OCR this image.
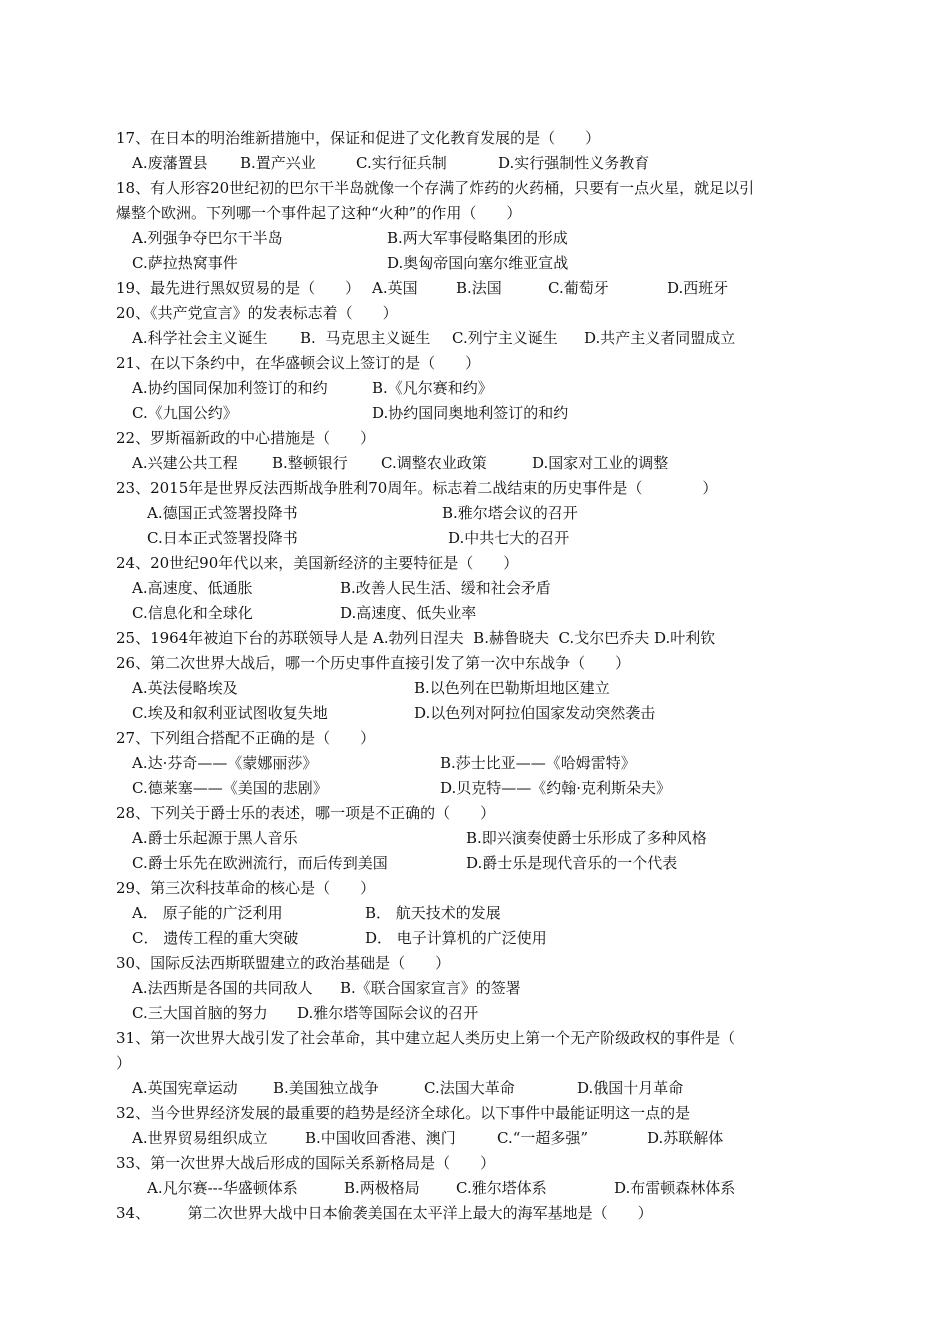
17、在日本的明治维新措施中，保证和促进了文化教育发展的是（　　）
A.废藩置县 B.置产兴业	C.实行征兵制	D.实行强制性义务教育
18、有人形容20世纪初的巴尔干半岛就像一个存满了炸药的火药桶，只要有一点火星，就足以引
爆整个欧洲。下列哪一个事件起了这种“火种”的作用（　　）
A.列强争夺巴尔干半岛	B.两大军事侵略集团的形成
C.萨拉热窝事件	D.奥匈帝国向塞尔维亚宣战
19、最先进行黑奴贸易的是（　　） A.英国	B.法国	C.葡萄牙	D.西班牙
20、《共产党宣言》的发表标志着（　　）
A.科学社会主义诞生 B.  马克思主义诞生 C.列宁主义诞生 D.共产主义者同盟成立
21、在以下条约中，在华盛顿会议上签订的是（　　）
A.协约国同保加利签订的和约	B.《凡尔赛和约》
C.《九国公约》	D.协约国同奥地利签订的和约
22、罗斯福新政的中心措施是（　　）
A.兴建公共工程 B.整顿银行 C.调整农业政策	D.国家对工业的调整
23、2015年是世界反法西斯战争胜利70周年。标志着二战结束的历史事件是（　　　　）
A.德国正式签署投降书	B.雅尔塔会议的召开
C.日本正式签署投降书	D.中共七大的召开
24、20世纪90年代以来，美国新经济的主要特征是（　　）
A.高速度、低通胀	B.改善人民生活、缓和社会矛盾
C.信息化和全球化	D.高速度、低失业率
25、1964年被迫下台的苏联领导人是 A.勃列日涅夫  B.赫鲁晓夫  C.戈尔巴乔夫 D.叶利钦
26、第二次世界大战后，哪一个历史事件直接引发了第一次中东战争（　　）
A.英法侵略埃及	B.以色列在巴勒斯坦地区建立
C.埃及和叙利亚试图收复失地	D.以色列对阿拉伯国家发动突然袭击
27、下列组合搭配不正确的是（　　）
A.达·芬奇——《蒙娜丽莎》	B.莎士比亚——《哈姆雷特》
C.德莱塞——《美国的悲剧》	D.贝克特——《约翰·克利斯朵夫》
28、下列关于爵士乐的表述，哪一项是不正确的（　　）
A.爵士乐起源于黑人音乐	B.即兴演奏使爵士乐形成了多种风格
C.爵士乐先在欧洲流行，而后传到美国	D.爵士乐是现代音乐的一个代表
29、第三次科技革命的核心是（　　）
A． 原子能的广泛利用	B． 航天技术的发展
C． 遗传工程的重大突破	D． 电子计算机的广泛使用
30、国际反法西斯联盟建立的政治基础是（　　）
A.法西斯是各国的共同敌人 B.《联合国家宣言》的签署
C.三大国首脑的努力 D.雅尔塔等国际会议的召开
31、第一次世界大战引发了社会革命，其中建立起人类历史上第一个无产阶级政权的事件是（
）
A.英国宪章运动 B.美国独立战争	C.法国大革命	D.俄国十月革命
32、当今世界经济发展的最重要的趋势是经济全球化。以下事件中最能证明这一点的是
A.世界贸易组织成立 B.中国收回香港、澳门	C.“一超多强”	D.苏联解体
33、第一次世界大战后形成的国际关系新格局是（　　）
A.凡尔赛---华盛顿体系	B.两极格局 C.雅尔塔体系	D.布雷顿森林体系
34、　　　第二次世界大战中日本偷袭美国在太平洋上最大的海军基地是（　　）
